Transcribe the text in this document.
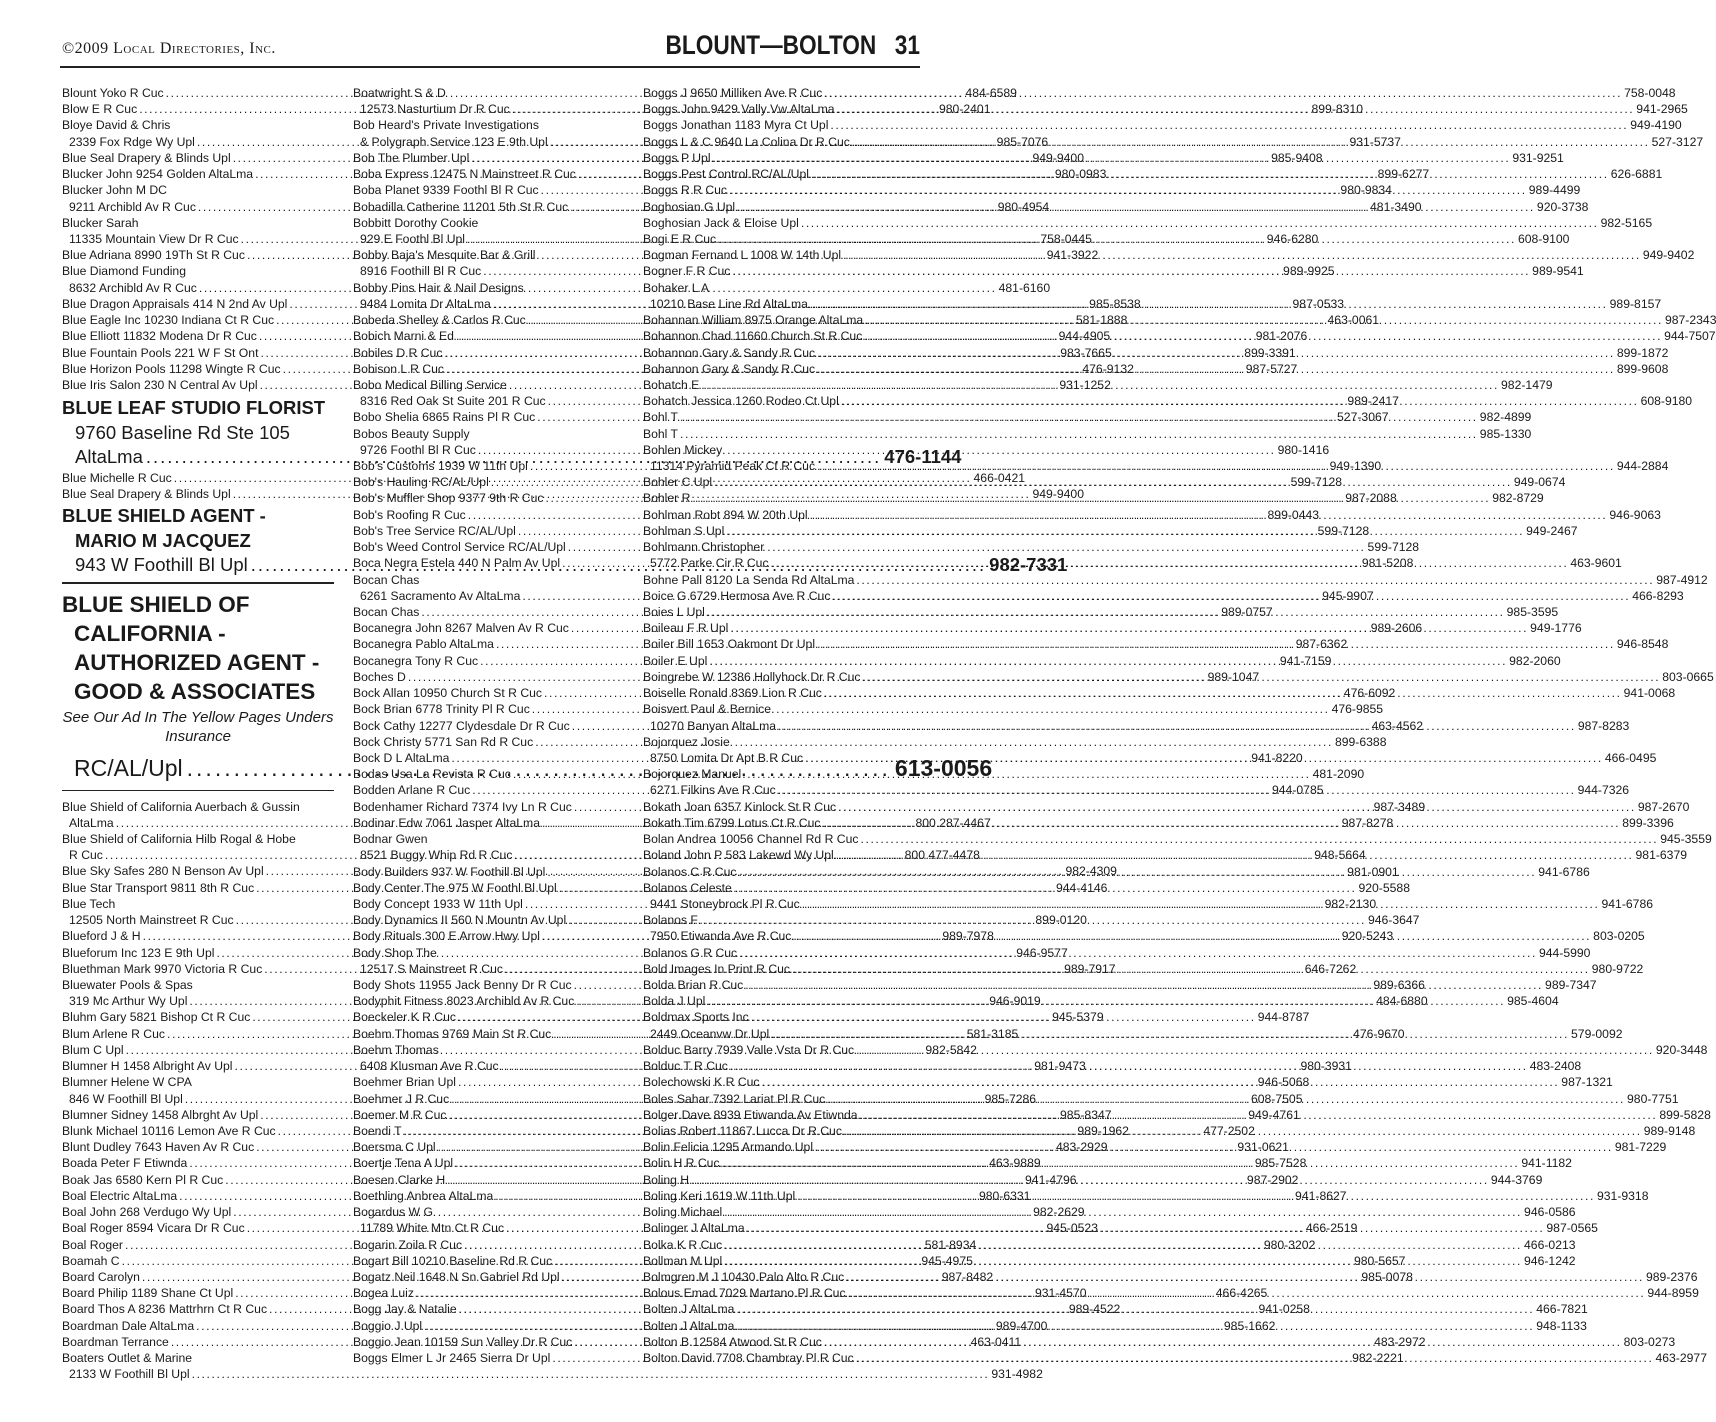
©2009 Local Directories, Inc.	BLOUNT—BOLTON 31
Blount Yoko R Cuc .....	484-6589
Blow E R Cuc .....	980-2401
Bloye David & Chris
2339 Fox Rdge Wy Upl .....	985-7076
Blue Seal Drapery & Blinds Upl .....	949-9400
Blucker John 9254 Golden AltaLma .....	980-0983
Blucker John M DC
9211 Archibld Av R Cuc .....	980-4954
Blucker Sarah
11335 Mountain View Dr R Cuc .....	758-0445
Blue Adriana 8990 19Th St R Cuc .....	941-3922
Blue Diamond Funding
8632 Archibld Av R Cuc .....	481-6160
Blue Dragon Appraisals 414 N 2nd Av Upl .....	985-8538
Blue Eagle Inc 10230 Indiana Ct R Cuc .....	581-1888
Blue Elliott 11832 Modena Dr R Cuc .....	944-4905
Blue Fountain Pools 221 W F St Ont .....	983-7665
Blue Horizon Pools 11298 Wingte R Cuc .....	476-9132
Blue Iris Salon 230 N Central Av Upl .....	931-1252
BLUE LEAF STUDIO FLORIST
9760 Baseline Rd Ste 105
AltaLma .....	476-1144
Blue Michelle R Cuc .....	466-0421
Blue Seal Drapery & Blinds Upl .....	949-9400
BLUE SHIELD AGENT -
MARIO M JACQUEZ
943 W Foothill Bl Upl .....	982-7331
BLUE SHIELD OF
CALIFORNIA -
AUTHORIZED AGENT -
GOOD & ASSOCIATES
See Our Ad In The Yellow Pages Unders Insurance
RC/AL/Upl .....	613-0056
Blue Shield of California Auerbach & Gussin
AltaLma .....	800 287-4467
Blue Shield of California Hilb Rogal & Hobe
R Cuc .....	800 477-4478
Blue Sky Safes 280 N Benson Av Upl .....	982-4309
Blue Star Transport 9811 8th R Cuc .....	944-4146
Blue Tech
12505 North Mainstreet R Cuc .....	899-0120
Blueford J & H .....	989-7978
Blueforum Inc 123 E 9th Upl .....	946-9577
Bluethman Mark 9970 Victoria R Cuc .....	989-7917
Bluewater Pools & Spas
319 Mc Arthur Wy Upl .....	946-9019
Bluhm Gary 5821 Bishop Ct R Cuc .....	945-5379
Blum Arlene R Cuc .....	581-3185
Blum C Upl .....	982-5842
Blumner H 1458 Albright Av Upl .....	981-9473
Blumner Helene W CPA
846 W Foothill Bl Upl .....	985-7286
Blumner Sidney 1458 Albrght Av Upl .....	985-8347
Blunk Michael 10116 Lemon Ave R Cuc .....	989-1962
Blunt Dudley 7643 Haven Av R Cuc .....	483-2929
Boada Peter F Etiwnda .....	463-9889
Boak Jas 6580 Kern Pl R Cuc .....	941-4796
Boal Electric AltaLma .....	980-6331
Boal John 268 Verdugo Wy Upl .....	982-2629
Boal Roger 8594 Vicara Dr R Cuc .....	945-0523
Boal Roger .....	581-8934
Boamah C .....	945-4975
Board Carolyn .....	987-8482
Board Philip 1189 Shane Ct Upl .....	931-4570
Board Thos A 8236 Mattrhrn Ct R Cuc .....	989-4522
Boardman Dale AltaLma .....	989-4700
Boardman Terrance .....	463-0411
Boaters Outlet & Marine
2133 W Foothill Bl Upl .....	931-4982
Boatwright S & D
12573 Nasturtium Dr R Cuc .....	899-8310
Bob Heard's Private Investigations
& Polygraph Service 123 E 9th Upl .....	931-5737
Bob The Plumber Upl .....	985-9408
Boba Express 12475 N Mainstreet R Cuc .....	899-6277
Boba Planet 9339 Foothl Bl R Cuc .....	980-9834
Bobadilla Catherine 11201 5th St R Cuc .....	481-3490
Bobbitt Dorothy Cookie
929 E Foothl Bl Upl .....	946-6280
Bobby Baja's Mesquite Bar & Grill
8916 Foothill Bl R Cuc .....	989-9925
Bobby Pins Hair & Nail Designs
9484 Lomita Dr AltaLma .....	987-0533
Bobeda Shelley & Carlos R Cuc .....	463-0061
Bobich Marni & Ed .....	981-2076
Bobiles D R Cuc .....	899-3391
Bobison L R Cuc .....	987-5727
Bobo Medical Billing Service
8316 Red Oak St Suite 201 R Cuc .....	989-2417
Bobo Shelia 6865 Rains Pl R Cuc .....	527-3067
Bobos Beauty Supply
9726 Foothl Bl R Cuc .....	980-1416
Bob's Customs 1939 W 11th Upl .....	949-1390
Bob's Hauling RC/AL/Upl .....	599-7128
Bob's Muffler Shop 9377 9th R Cuc .....	987-2088
Bob's Roofing R Cuc .....	899-0443
Bob's Tree Service RC/AL/Upl .....	599-7128
Bob's Weed Control Service RC/AL/Upl .....	599-7128
Boca Negra Estela 440 N Palm Av Upl .....	981-5208
Bocan Chas
6261 Sacramento Av AltaLma .....	945-9907
Bocan Chas .....	989-0757
Bocanegra John 8267 Malven Av R Cuc .....	989-2606
Bocanegra Pablo AltaLma .....	987-6362
Bocanegra Tony R Cuc .....	941-7159
Boches D .....	989-1047
Bock Allan 10950 Church St R Cuc .....	476-6092
Bock Brian 6778 Trinity Pl R Cuc .....	476-9855
Bock Cathy 12277 Clydesdale Dr R Cuc .....	463-4562
Bock Christy 5771 San Rd R Cuc .....	899-6388
Bock D L AltaLma .....	941-8220
Bodas Usa La Revista R Cuc .....	481-2090
Bodden Arlane R Cuc .....	944-0785
Bodenhamer Richard 7374 Ivy Ln R Cuc .....	987-3489
Bodinar Edw 7061 Jasper AltaLma .....	987-8278
Bodnar Gwen
8521 Buggy Whip Rd R Cuc .....	948-5664
Body Builders 937 W Foothill Bl Upl .....	981-0901
Body Center The 975 W Foothl Bl Upl .....	920-5588
Body Concept 1933 W 11th Upl .....	982-2130
Body Dynamics II 560 N Mountn Av Upl .....	946-3647
Body Rituals 300 E Arrow Hwy Upl .....	920-5243
Body Shop The
12517 S Mainstreet R Cuc .....	646-7262
Body Shots 11955 Jack Benny Dr R Cuc .....	989-6366
Bodyphit Fitness 8023 Archibld Av R Cuc .....	484-6880
Boeckeler K R Cuc .....	944-8787
Boehm Thomas 9769 Main St R Cuc .....	476-9670
Boehm Thomas
6408 Klusman Ave R Cuc .....	980-3931
Boehmer Brian Upl .....	946-5068
Boehmer J R Cuc .....	608-7505
Boemer M R Cuc .....	949-4761
Boendi T .....	477-2502
Boersma C Upl .....	931-0621
Boertje Tena A Upl .....	985-7528
Boesen Clarke H .....	987-2902
Boethling Anbrea AltaLma .....	941-8627
Bogardus W G
11789 White Mtn Ct R Cuc .....	466-2519
Bogarin Zoila R Cuc .....	980-3202
Bogart Bill 10210 Baseline Rd R Cuc .....	980-5657
Bogatz Neil 1648 N Sn Gabriel Rd Upl .....	985-0078
Bogea Luiz .....	466-4265
Bogg Jay & Natalie .....	941-0258
Boggio J Upl .....	985-1662
Boggio Jean 10159 Sun Valley Dr R Cuc .....	483-2972
Boggs Elmer L Jr 2465 Sierra Dr Upl .....	982-2221
Boggs J 9650 Milliken Ave R Cuc .....	758-0048
Boggs John 9429 Vally Vw AltaLma .....	941-2965
Boggs Jonathan 1183 Myra Ct Upl .....	949-4190
Boggs L & C 9640 La Colina Dr R Cuc .....	527-3127
Boggs P Upl .....	931-9251
Boggs Pest Control RC/AL/Upl .....	626-6881
Boggs R R Cuc .....	989-4499
Boghosian G Upl .....	920-3738
Boghosian Jack & Eloise Upl .....	982-5165
Bogi E R Cuc .....	608-9100
Bogman Fernand L 1008 W 14th Upl .....	949-9402
Bogner F R Cuc .....	989-9541
Bohaker L A
10210 Base Line Rd AltaLma .....	989-8157
Bohannan William 8975 Orange AltaLma .....	987-2343
Bohannon Chad 11660 Church St R Cuc .....	944-7507
Bohannon Gary & Sandy R Cuc .....	899-1872
Bohannon Gary & Sandy R Cuc .....	899-9608
Bohatch E .....	982-1479
Bohatch Jessica 1260 Rodeo Ct Upl .....	608-9180
Bohl T .....	982-4899
Bohl T .....	985-1330
Bohlen Mickey
11314 Pyramid Peak Ct R Cuc .....	944-2884
Bohler C Upl .....	949-0674
Bohler R .....	982-8729
Bohlman Robt 894 W 20th Upl .....	946-9063
Bohlman S Upl .....	949-2467
Bohlmann Christopher
5772 Parke Cir R Cuc .....	463-9601
Bohne Pall 8120 La Senda Rd AltaLma .....	987-4912
Boice G 6729 Hermosa Ave R Cuc .....	466-8293
Boies L Upl .....	985-3595
Boileau F R Upl .....	949-1776
Boiler Bill 1653 Oakmont Dr Upl .....	946-8548
Boiler E Upl .....	982-2060
Boingrebe W 12386 Hollyhock Dr R Cuc .....	803-0665
Boiselle Ronald 8369 Lion R Cuc .....	941-0068
Boisvert Paul & Bernice
10270 Banyan AltaLma .....	987-8283
Bojorquez Josie
8750 Lomita Dr Apt B R Cuc .....	466-0495
Bojorquez Manuel
6271 Filkins Ave R Cuc .....	944-7326
Bokath Joan 6357 Kinlock St R Cuc .....	987-2670
Bokath Tim 6799 Lotus Ct R Cuc .....	899-3396
Bolan Andrea 10056 Channel Rd R Cuc .....	945-3559
Boland John P 583 Lakewd Wy Upl .....	981-6379
Bolanos C R Cuc .....	941-6786
Bolanos Celeste
9441 Stoneybrock Pl R Cuc .....	941-6786
Bolanos F
7950 Etiwanda Ave R Cuc .....	803-0205
Bolanos G R Cuc .....	944-5990
Bold Images In Print R Cuc .....	980-9722
Bolda Brian R Cuc .....	989-7347
Bolda J Upl .....	985-4604
Boldmax Sports Inc
2449 Oceanvw Dr Upl .....	579-0092
Bolduc Barry 7939 Valle Vsta Dr R Cuc .....	920-3448
Bolduc T R Cuc .....	483-2408
Bolechowski K R Cuc .....	987-1321
Boles Sahar 7392 Lariat Pl R Cuc .....	980-7751
Bolger Dave 8939 Etiwanda Av Etiwnda .....	899-5828
Bolias Robert 11867 Lucca Dr R Cuc .....	989-9148
Bolin Felicia 1295 Armando Upl .....	981-7229
Bolin H R Cuc .....	941-1182
Boling H .....	944-3769
Boling Keri 1619 W 11th Upl .....	931-9318
Boling Michael .....	946-0586
Bolinger J AltaLma .....	987-0565
Bolka K R Cuc .....	466-0213
Bollman M Upl .....	946-1242
Bolmgren M J 10430 Palo Alto R Cuc .....	989-2376
Bolous Emad 7029 Martano Pl R Cuc .....	944-8959
Bolten J AltaLma .....	466-7821
Bolten J AltaLma .....	948-1133
Bolton B 12584 Atwood St R Cuc .....	803-0273
Bolton David 7708 Chambray Pl R Cuc .....	463-2977
